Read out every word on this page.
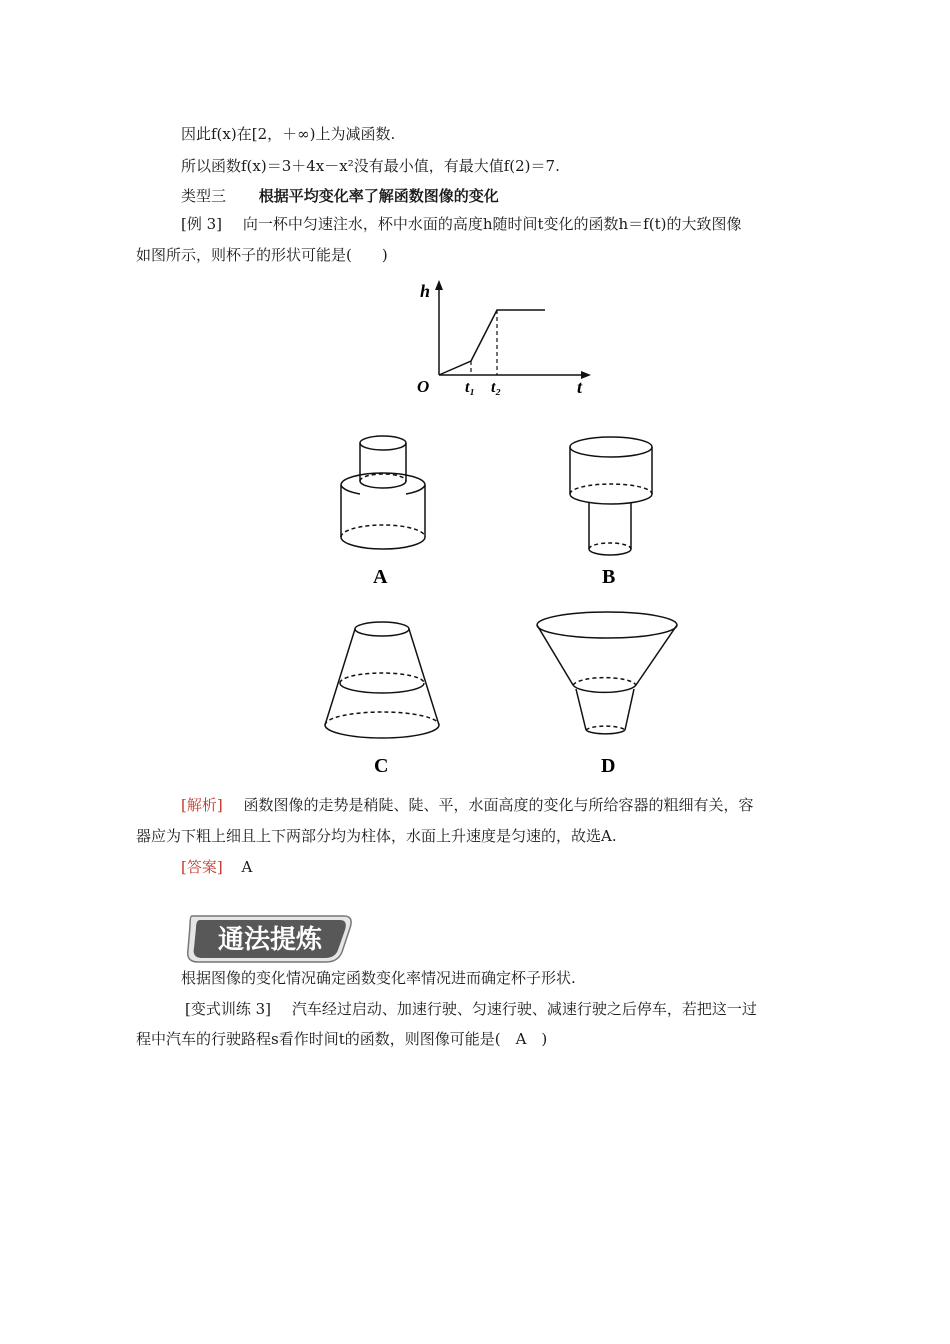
因此f(x)在[2，＋∞)上为减函数.
所以函数f(x)＝3＋4x－x²没有最小值，有最大值f(2)＝7.
类型三 根据平均变化率了解函数图像的变化
[例 3] 向一杯中匀速注水，杯中水面的高度h随时间t变化的函数h＝f(t)的大致图像
如图所示，则杯子的形状可能是(　　)
h
t
O t₁ t₂
A	B
C	D
[解析] 函数图像的走势是稍陡、陡、平，水面高度的变化与所给容器的粗细有关，容
器应为下粗上细且上下两部分均为柱体，水面上升速度是匀速的，故选A.
[答案] A
通法提炼
根据图像的变化情况确定函数变化率情况进而确定杯子形状.
[变式训练 3] 汽车经过启动、加速行驶、匀速行驶、减速行驶之后停车，若把这一过
程中汽车的行驶路程s看作时间t的函数，则图像可能是(　A　)
